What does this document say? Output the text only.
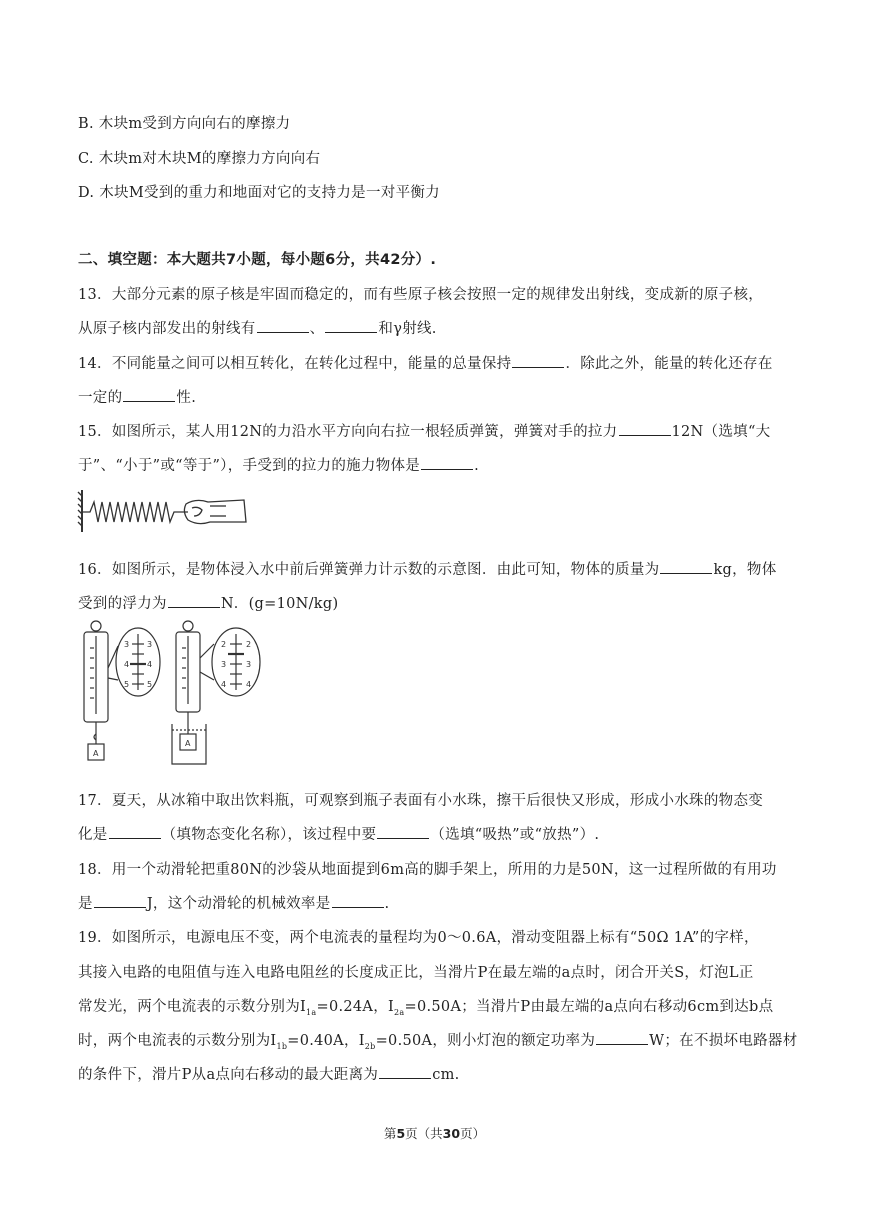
B. 木块m受到方向向右的摩擦力
C. 木块m对木块M的摩擦力方向向右
D. 木块M受到的重力和地面对它的支持力是一对平衡力
二、填空题：本大题共7小题，每小题6分，共42分）.
13．大部分元素的原子核是牢固而稳定的，而有些原子核会按照一定的规律发出射线，变成新的原子核，
从原子核内部发出的射线有	、	和γ射线.
14．不同能量之间可以相互转化，在转化过程中，能量的总量保持	．除此之外，能量的转化还存在
一定的	性.
15．如图所示，某人用12N的力沿水平方向向右拉一根轻质弹簧，弹簧对手的拉力	12N（选填“大
于”、“小于”或“等于”），手受到的拉力的施力物体是	.
16．如图所示，是物体浸入水中前后弹簧弹力计示数的示意图．由此可知，物体的质量为	kg，物体
受到的浮力为	N．(g=10N/kg)
A
A
3
4
5
3
4
5
2
3
4
2
3
4
17．夏天，从冰箱中取出饮料瓶，可观察到瓶子表面有小水珠，擦干后很快又形成，形成小水珠的物态变
化是	（填物态变化名称），该过程中要	（选填“吸热”或“放热”）.
18．用一个动滑轮把重80N的沙袋从地面提到6m高的脚手架上，所用的力是50N，这一过程所做的有用功
是	J，这个动滑轮的机械效率是	.
19．如图所示，电源电压不变，两个电流表的量程均为0～0.6A，滑动变阻器上标有“50Ω 1A”的字样，
其接入电路的电阻值与连入电路电阻丝的长度成正比，当滑片P在最左端的a点时，闭合开关S，灯泡L正
常发光，两个电流表的示数分别为$I_{1a}=0.24A$，$I_{2a}=0.50A$；当滑片P由最左端的a点向右移动6cm到达b点
时，两个电流表的示数分别为$I_{1b}=0.40A$，$I_{2b}=0.50A$，则小灯泡的额定功率为	W；在不损坏电路器材
的条件下，滑片P从a点向右移动的最大距离为	cm.
第5页（共30页）
